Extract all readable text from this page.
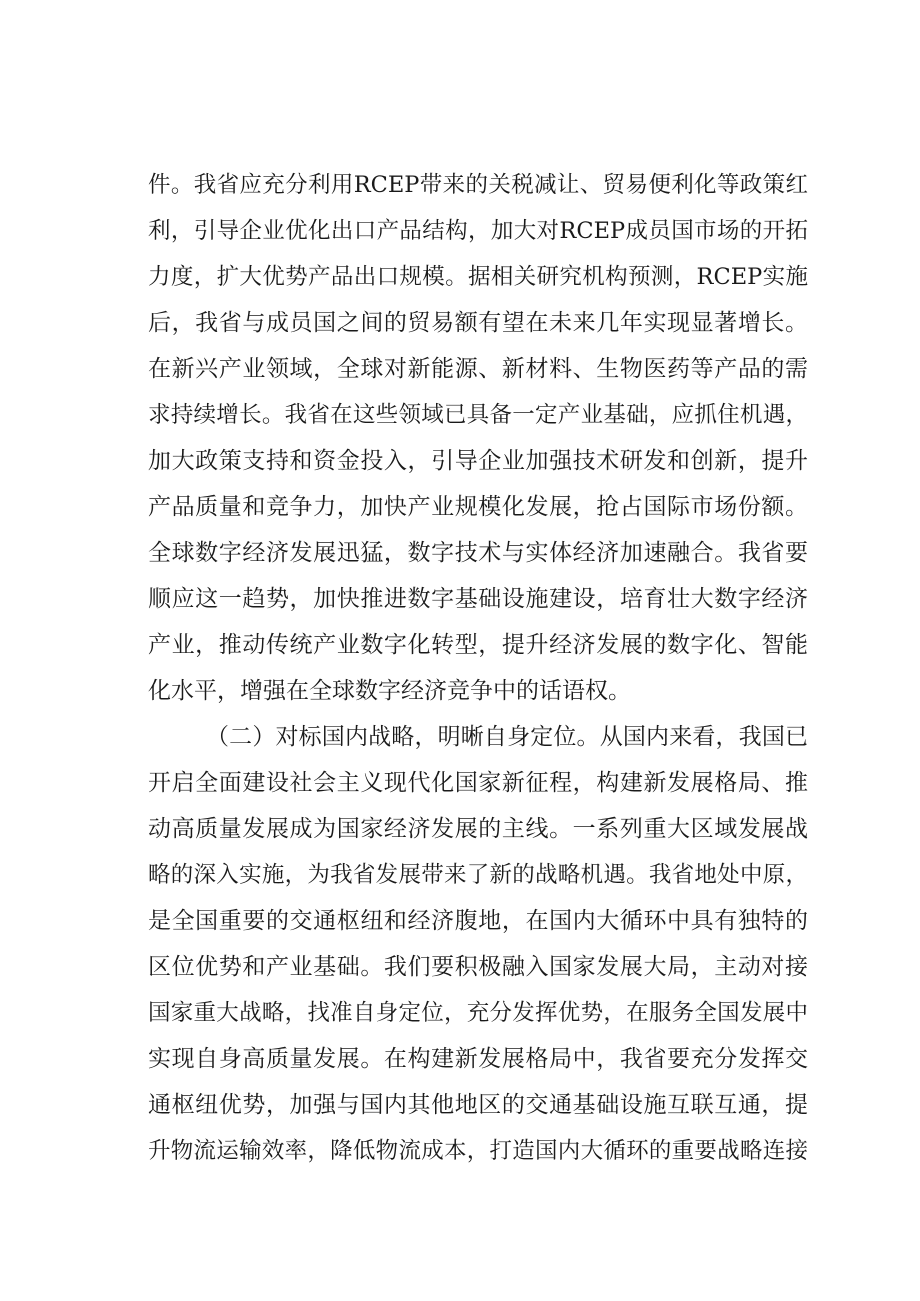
件。我省应充分利用RCEP带来的关税减让、贸易便利化等政策红
利，引导企业优化出口产品结构，加大对RCEP成员国市场的开拓
力度，扩大优势产品出口规模。据相关研究机构预测，RCEP实施
后，我省与成员国之间的贸易额有望在未来几年实现显著增长。
在新兴产业领域，全球对新能源、新材料、生物医药等产品的需
求持续增长。我省在这些领域已具备一定产业基础，应抓住机遇，
加大政策支持和资金投入，引导企业加强技术研发和创新，提升
产品质量和竞争力，加快产业规模化发展，抢占国际市场份额。
全球数字经济发展迅猛，数字技术与实体经济加速融合。我省要
顺应这一趋势，加快推进数字基础设施建设，培育壮大数字经济
产业，推动传统产业数字化转型，提升经济发展的数字化、智能
化水平，增强在全球数字经济竞争中的话语权。
（二）对标国内战略，明晰自身定位。从国内来看，我国已
开启全面建设社会主义现代化国家新征程，构建新发展格局、推
动高质量发展成为国家经济发展的主线。一系列重大区域发展战
略的深入实施，为我省发展带来了新的战略机遇。我省地处中原，
是全国重要的交通枢纽和经济腹地，在国内大循环中具有独特的
区位优势和产业基础。我们要积极融入国家发展大局，主动对接
国家重大战略，找准自身定位，充分发挥优势，在服务全国发展中
实现自身高质量发展。在构建新发展格局中，我省要充分发挥交
通枢纽优势，加强与国内其他地区的交通基础设施互联互通，提
升物流运输效率，降低物流成本，打造国内大循环的重要战略连接
